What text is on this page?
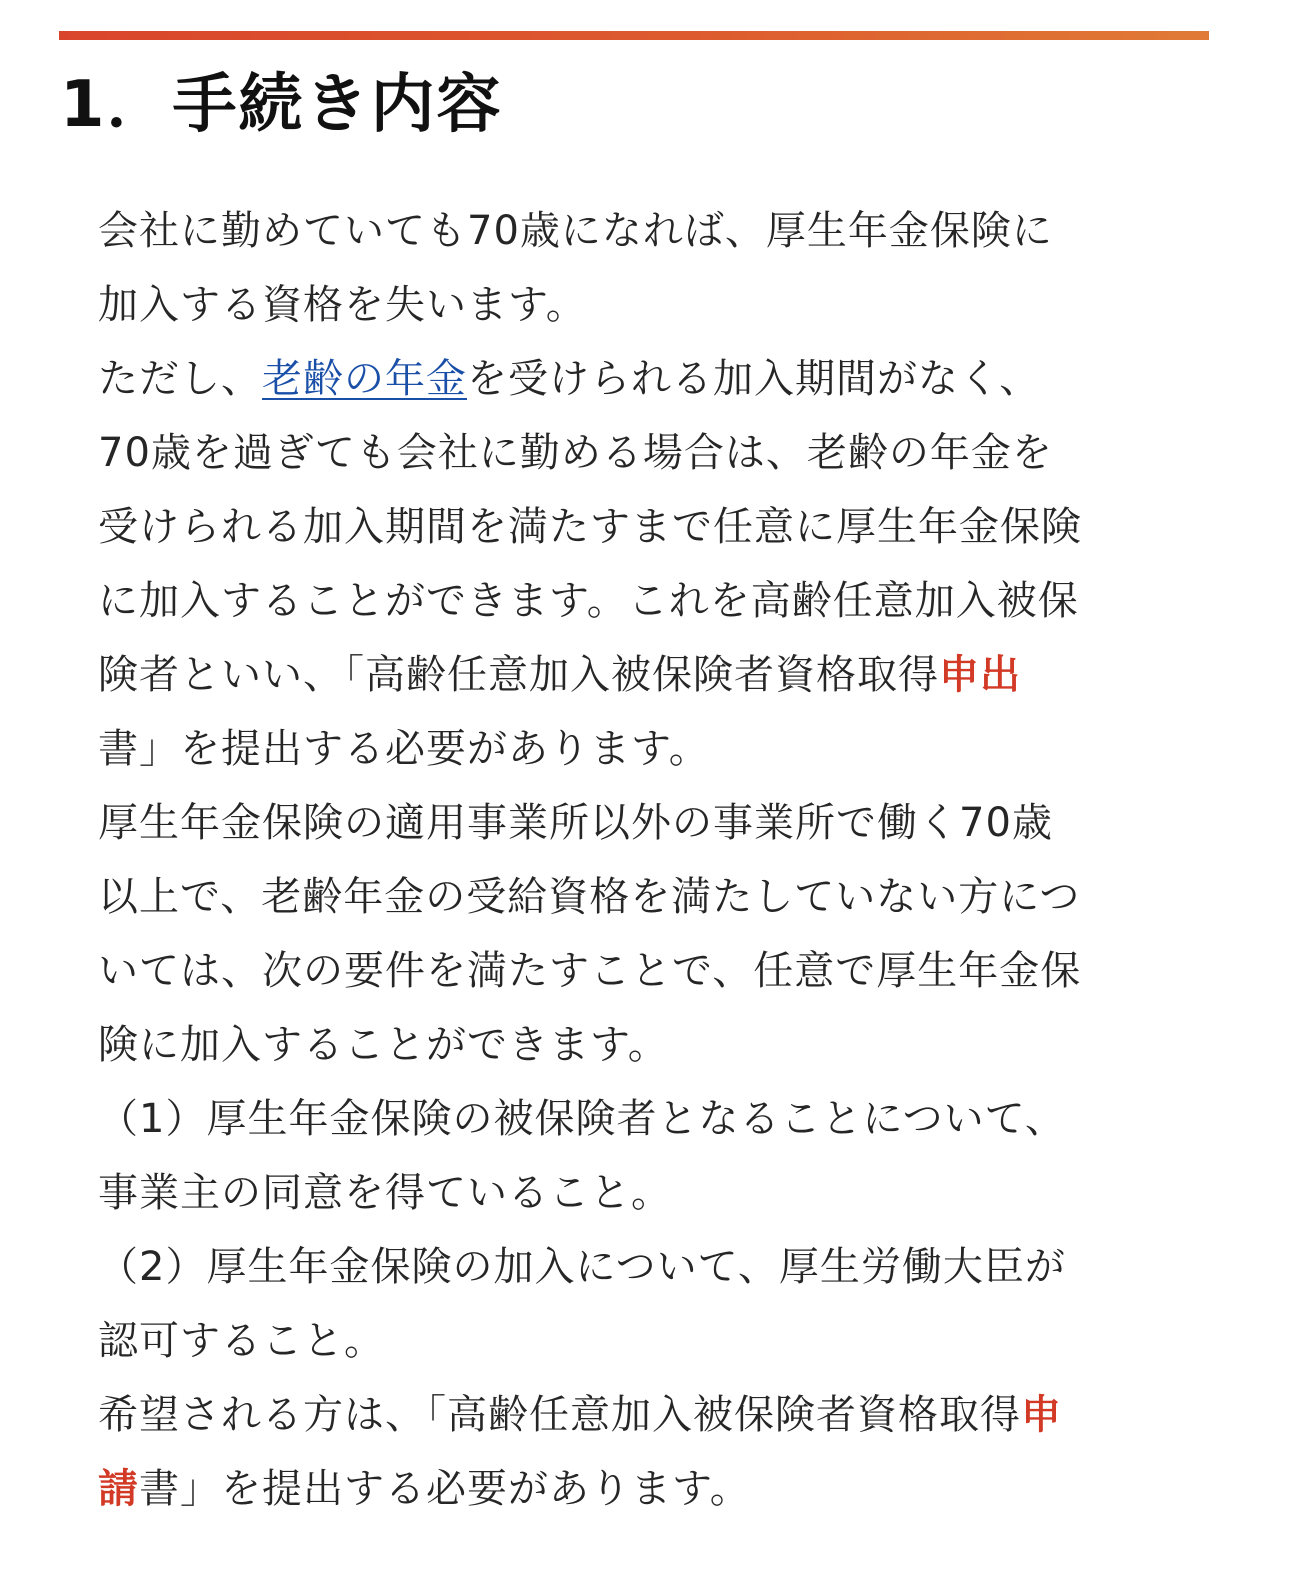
1．手続き内容

会社に勤めていても70歳になれば、厚生年金保険に

加入する資格を失います。

ただし、老齢の年金を受けられる加入期間がなく、

70歳を過ぎても会社に勤める場合は、老齢の年金を

受けられる加入期間を満たすまで任意に厚生年金保険

に加入することができます。これを高齢任意加入被保

険者といい、「高齢任意加入被保険者資格取得申出

書」を提出する必要があります。

厚生年金保険の適用事業所以外の事業所で働く70歳

以上で、老齢年金の受給資格を満たしていない方につ

いては、次の要件を満たすことで、任意で厚生年金保

険に加入することができます。

（1）厚生年金保険の被保険者となることについて、

事業主の同意を得ていること。

（2）厚生年金保険の加入について、厚生労働大臣が

認可すること。

希望される方は、「高齢任意加入被保険者資格取得申

請書」を提出する必要があります。
